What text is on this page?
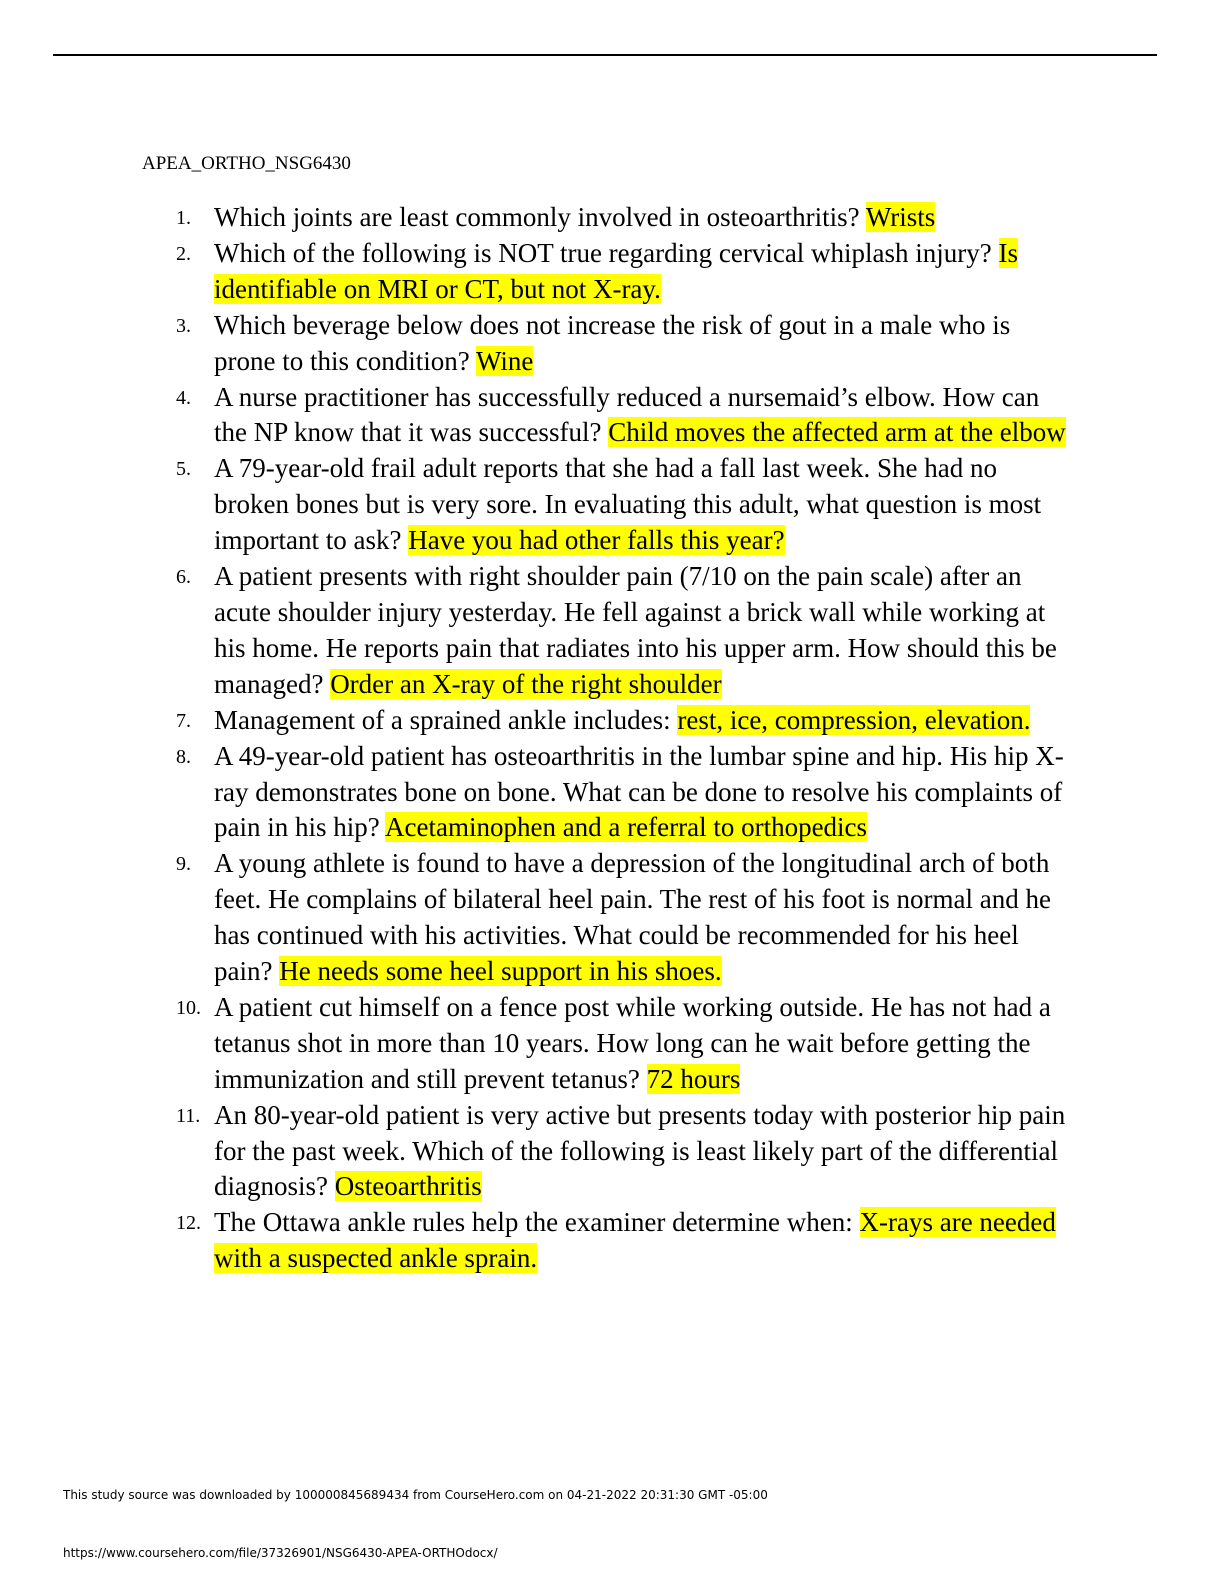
APEA_ORTHO_NSG6430
1. Which joints are least commonly involved in osteoarthritis? Wrists
2. Which of the following is NOT true regarding cervical whiplash injury? Is identifiable on MRI or CT, but not X-ray.
3. Which beverage below does not increase the risk of gout in a male who is prone to this condition? Wine
4. A nurse practitioner has successfully reduced a nursemaid’s elbow. How can the NP know that it was successful? Child moves the affected arm at the elbow
5. A 79-year-old frail adult reports that she had a fall last week. She had no broken bones but is very sore. In evaluating this adult, what question is most important to ask? Have you had other falls this year?
6. A patient presents with right shoulder pain (7/10 on the pain scale) after an acute shoulder injury yesterday. He fell against a brick wall while working at his home. He reports pain that radiates into his upper arm. How should this be managed? Order an X-ray of the right shoulder
7. Management of a sprained ankle includes: rest, ice, compression, elevation.
8. A 49-year-old patient has osteoarthritis in the lumbar spine and hip. His hip X-ray demonstrates bone on bone. What can be done to resolve his complaints of pain in his hip? Acetaminophen and a referral to orthopedics
9. A young athlete is found to have a depression of the longitudinal arch of both feet. He complains of bilateral heel pain. The rest of his foot is normal and he has continued with his activities. What could be recommended for his heel pain? He needs some heel support in his shoes.
10. A patient cut himself on a fence post while working outside. He has not had a tetanus shot in more than 10 years. How long can he wait before getting the immunization and still prevent tetanus? 72 hours
11. An 80-year-old patient is very active but presents today with posterior hip pain for the past week. Which of the following is least likely part of the differential diagnosis? Osteoarthritis
12. The Ottawa ankle rules help the examiner determine when: X-rays are needed with a suspected ankle sprain.
This study source was downloaded by 100000845689434 from CourseHero.com on 04-21-2022 20:31:30 GMT -05:00
https://www.coursehero.com/file/37326901/NSG6430-APEA-ORTHOdocx/
